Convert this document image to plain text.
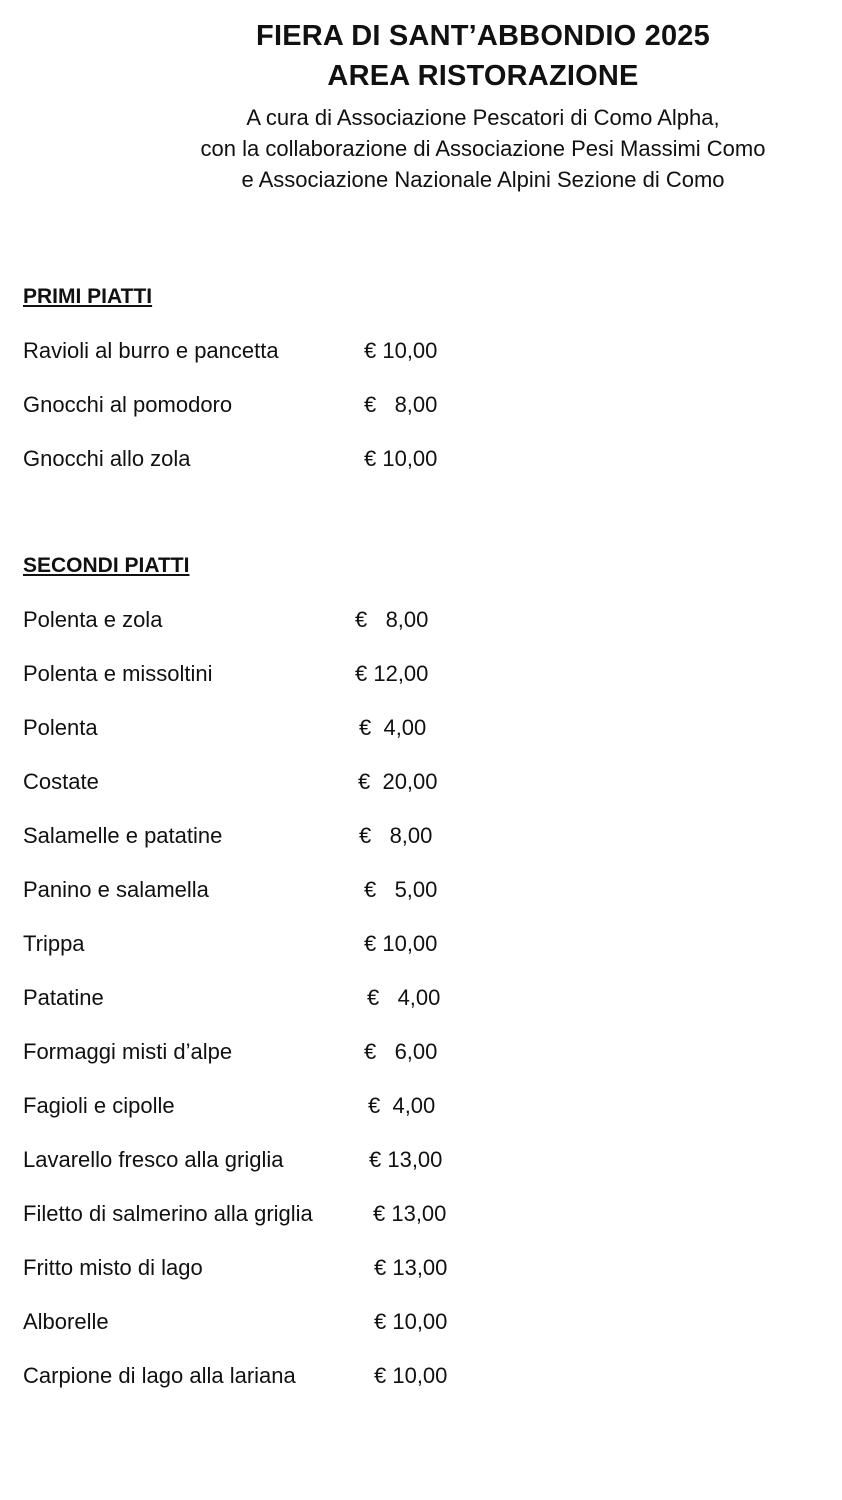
FIERA DI SANT’ABBONDIO 2025
AREA RISTORAZIONE
A cura di Associazione Pescatori di Como Alpha,
con la collaborazione di Associazione Pesi Massimi Como
e Associazione Nazionale Alpini Sezione di Como
PRIMI PIATTI
Ravioli al burro e pancetta	€ 10,00
Gnocchi al pomodoro	€   8,00
Gnocchi allo zola	€ 10,00
SECONDI PIATTI
Polenta e zola	€   8,00
Polenta e missoltini	€ 12,00
Polenta	€  4,00
Costate	€  20,00
Salamelle e patatine	€   8,00
Panino e salamella	€   5,00
Trippa	€ 10,00
Patatine	€   4,00
Formaggi misti d’alpe	€   6,00
Fagioli e cipolle	€  4,00
Lavarello fresco alla griglia	€ 13,00
Filetto di salmerino alla griglia	€ 13,00
Fritto misto di lago	€ 13,00
Alborelle	€ 10,00
Carpione di lago alla lariana	€ 10,00
